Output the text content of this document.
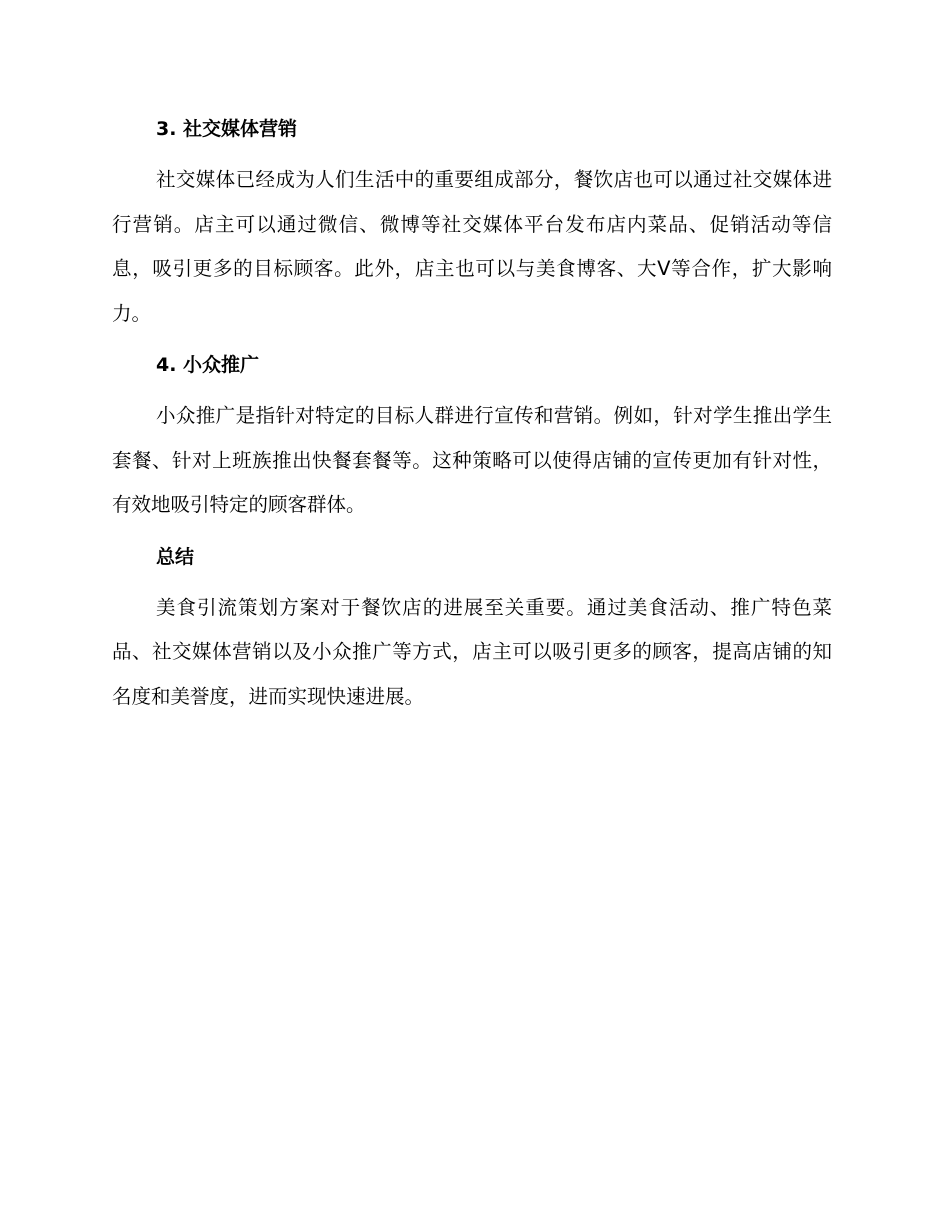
3. 社交媒体营销

社交媒体已经成为人们生活中的重要组成部分，餐饮店也可以通过社交媒体进行营销。店主可以通过微信、微博等社交媒体平台发布店内菜品、促销活动等信息，吸引更多的目标顾客。此外，店主也可以与美食博客、大V等合作，扩大影响力。

4. 小众推广

小众推广是指针对特定的目标人群进行宣传和营销。例如，针对学生推出学生套餐、针对上班族推出快餐套餐等。这种策略可以使得店铺的宣传更加有针对性，有效地吸引特定的顾客群体。

总结

美食引流策划方案对于餐饮店的进展至关重要。通过美食活动、推广特色菜品、社交媒体营销以及小众推广等方式，店主可以吸引更多的顾客，提高店铺的知名度和美誉度，进而实现快速进展。
